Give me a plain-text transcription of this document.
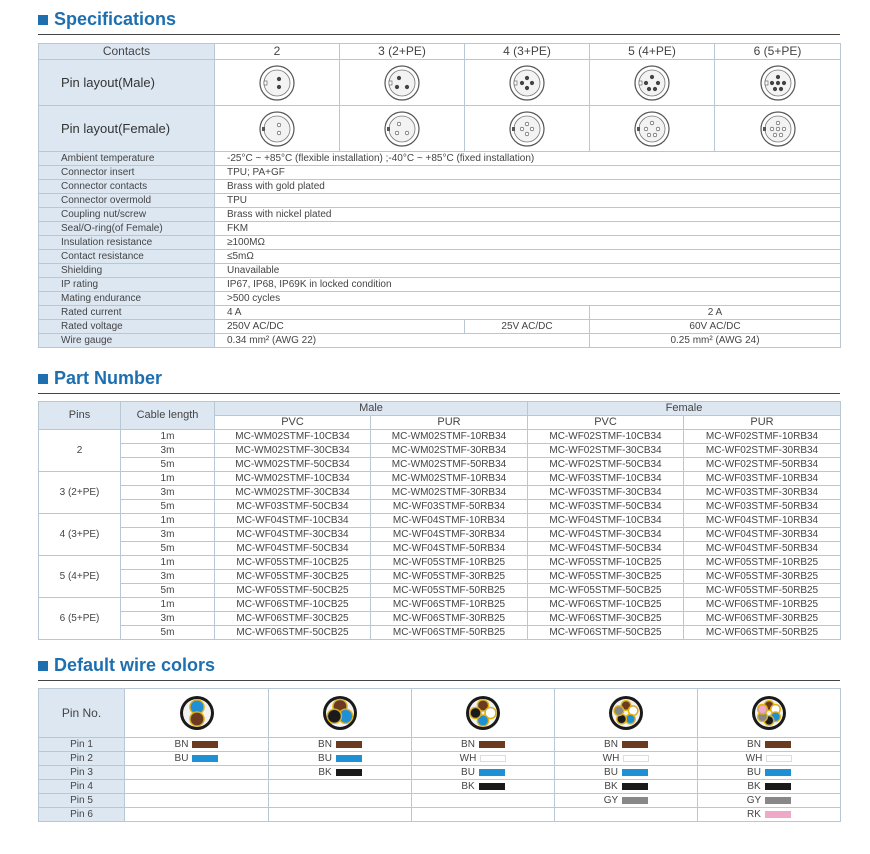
Specifications
Contacts	2	3 (2+PE)	4 (3+PE)	5 (4+PE)	6 (5+PE)
Pin layout(Male)					
Pin layout(Female)					
Ambient temperature	-25°C ~ +85°C (flexible installation) ;-40°C ~ +85°C (fixed installation)				
Connector insert	TPU; PA+GF				
Connector contacts	Brass with gold plated				
Connector overmold	TPU				
Coupling nut/screw	Brass with nickel plated				
Seal/O-ring(of Female)	FKM				
Insulation resistance	≥100MΩ				
Contact resistance	≤5mΩ				
Shielding	Unavailable				
IP rating	IP67, IP68, IP69K in locked condition				
Mating endurance	>500 cycles				
Rated current	4 A			2 A	
Rated voltage	250V AC/DC		25V AC/DC	60V AC/DC	
Wire gauge	0.34 mm² (AWG 22)			0.25 mm² (AWG 24)	
Part Number
Pins	Cable length	Male		Female	
		PVC	PUR	PVC	PUR
2	1m	MC-WM02STMF-10CB34	MC-WM02STMF-10RB34	MC-WF02STMF-10CB34	MC-WF02STMF-10RB34
	3m	MC-WM02STMF-30CB34	MC-WM02STMF-30RB34	MC-WF02STMF-30CB34	MC-WF02STMF-30RB34
	5m	MC-WM02STMF-50CB34	MC-WM02STMF-50RB34	MC-WF02STMF-50CB34	MC-WF02STMF-50RB34
3 (2+PE)	1m	MC-WM02STMF-10CB34	MC-WM02STMF-10RB34	MC-WF03STMF-10CB34	MC-WF03STMF-10RB34
	3m	MC-WM02STMF-30CB34	MC-WM02STMF-30RB34	MC-WF03STMF-30CB34	MC-WF03STMF-30RB34
	5m	MC-WF03STMF-50CB34	MC-WF03STMF-50RB34	MC-WF03STMF-50CB34	MC-WF03STMF-50RB34
4 (3+PE)	1m	MC-WF04STMF-10CB34	MC-WF04STMF-10RB34	MC-WF04STMF-10CB34	MC-WF04STMF-10RB34
	3m	MC-WF04STMF-30CB34	MC-WF04STMF-30RB34	MC-WF04STMF-30CB34	MC-WF04STMF-30RB34
	5m	MC-WF04STMF-50CB34	MC-WF04STMF-50RB34	MC-WF04STMF-50CB34	MC-WF04STMF-50RB34
5 (4+PE)	1m	MC-WF05STMF-10CB25	MC-WF05STMF-10RB25	MC-WF05STMF-10CB25	MC-WF05STMF-10RB25
	3m	MC-WF05STMF-30CB25	MC-WF05STMF-30RB25	MC-WF05STMF-30CB25	MC-WF05STMF-30RB25
	5m	MC-WF05STMF-50CB25	MC-WF05STMF-50RB25	MC-WF05STMF-50CB25	MC-WF05STMF-50RB25
6 (5+PE)	1m	MC-WF06STMF-10CB25	MC-WF06STMF-10RB25	MC-WF06STMF-10CB25	MC-WF06STMF-10RB25
	3m	MC-WF06STMF-30CB25	MC-WF06STMF-30RB25	MC-WF06STMF-30CB25	MC-WF06STMF-30RB25
	5m	MC-WF06STMF-50CB25	MC-WF06STMF-50RB25	MC-WF06STMF-50CB25	MC-WF06STMF-50RB25
Default wire colors
Pin No.					
Pin 1	BN	BN	BN	BN	BN

Pin 2	BU	BU	WH	WH	WH

Pin 3		BK	BU	BU	BU

Pin 4			BK	BK	BK

Pin 5				GY	GY

Pin 6					RK
